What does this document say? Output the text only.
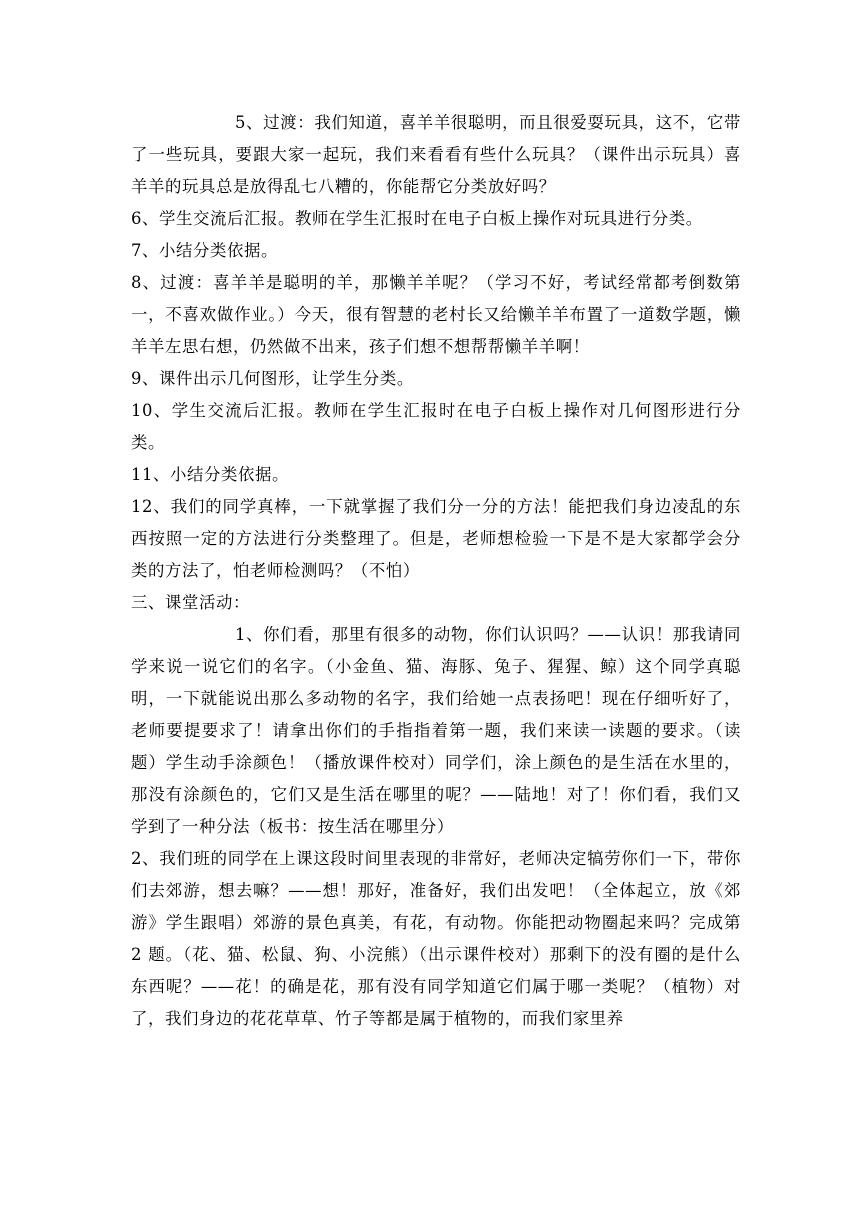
5、过渡：我们知道，喜羊羊很聪明，而且很爱耍玩具，这不，它带了一些玩具，要跟大家一起玩，我们来看看有些什么玩具？（课件出示玩具）喜羊羊的玩具总是放得乱七八糟的，你能帮它分类放好吗？

6、学生交流后汇报。教师在学生汇报时在电子白板上操作对玩具进行分类。

7、小结分类依据。

8、过渡：喜羊羊是聪明的羊，那懒羊羊呢？（学习不好，考试经常都考倒数第一，不喜欢做作业。）今天，很有智慧的老村长又给懒羊羊布置了一道数学题，懒羊羊左思右想，仍然做不出来，孩子们想不想帮帮懒羊羊啊！

9、课件出示几何图形，让学生分类。

10、学生交流后汇报。教师在学生汇报时在电子白板上操作对几何图形进行分类。

11、小结分类依据。

12、我们的同学真棒，一下就掌握了我们分一分的方法！能把我们身边凌乱的东西按照一定的方法进行分类整理了。但是，老师想检验一下是不是大家都学会分类的方法了，怕老师检测吗？（不怕）

三、课堂活动：

1、你们看，那里有很多的动物，你们认识吗？——认识！那我请同学来说一说它们的名字。（小金鱼、猫、海豚、兔子、猩猩、鲸）这个同学真聪明，一下就能说出那么多动物的名字，我们给她一点表扬吧！现在仔细听好了，老师要提要求了！请拿出你们的手指指着第一题，我们来读一读题的要求。（读题）学生动手涂颜色！（播放课件校对）同学们，涂上颜色的是生活在水里的，那没有涂颜色的，它们又是生活在哪里的呢？——陆地！对了！你们看，我们又学到了一种分法（板书：按生活在哪里分）

2、我们班的同学在上课这段时间里表现的非常好，老师决定犒劳你们一下，带你们去郊游，想去嘛？——想！那好，准备好，我们出发吧！（全体起立，放《郊游》学生跟唱）郊游的景色真美，有花，有动物。你能把动物圈起来吗？完成第 2 题。（花、猫、松鼠、狗、小浣熊）（出示课件校对）那剩下的没有圈的是什么东西呢？——花！的确是花，那有没有同学知道它们属于哪一类呢？（植物）对了，我们身边的花花草草、竹子等都是属于植物的，而我们家里养
